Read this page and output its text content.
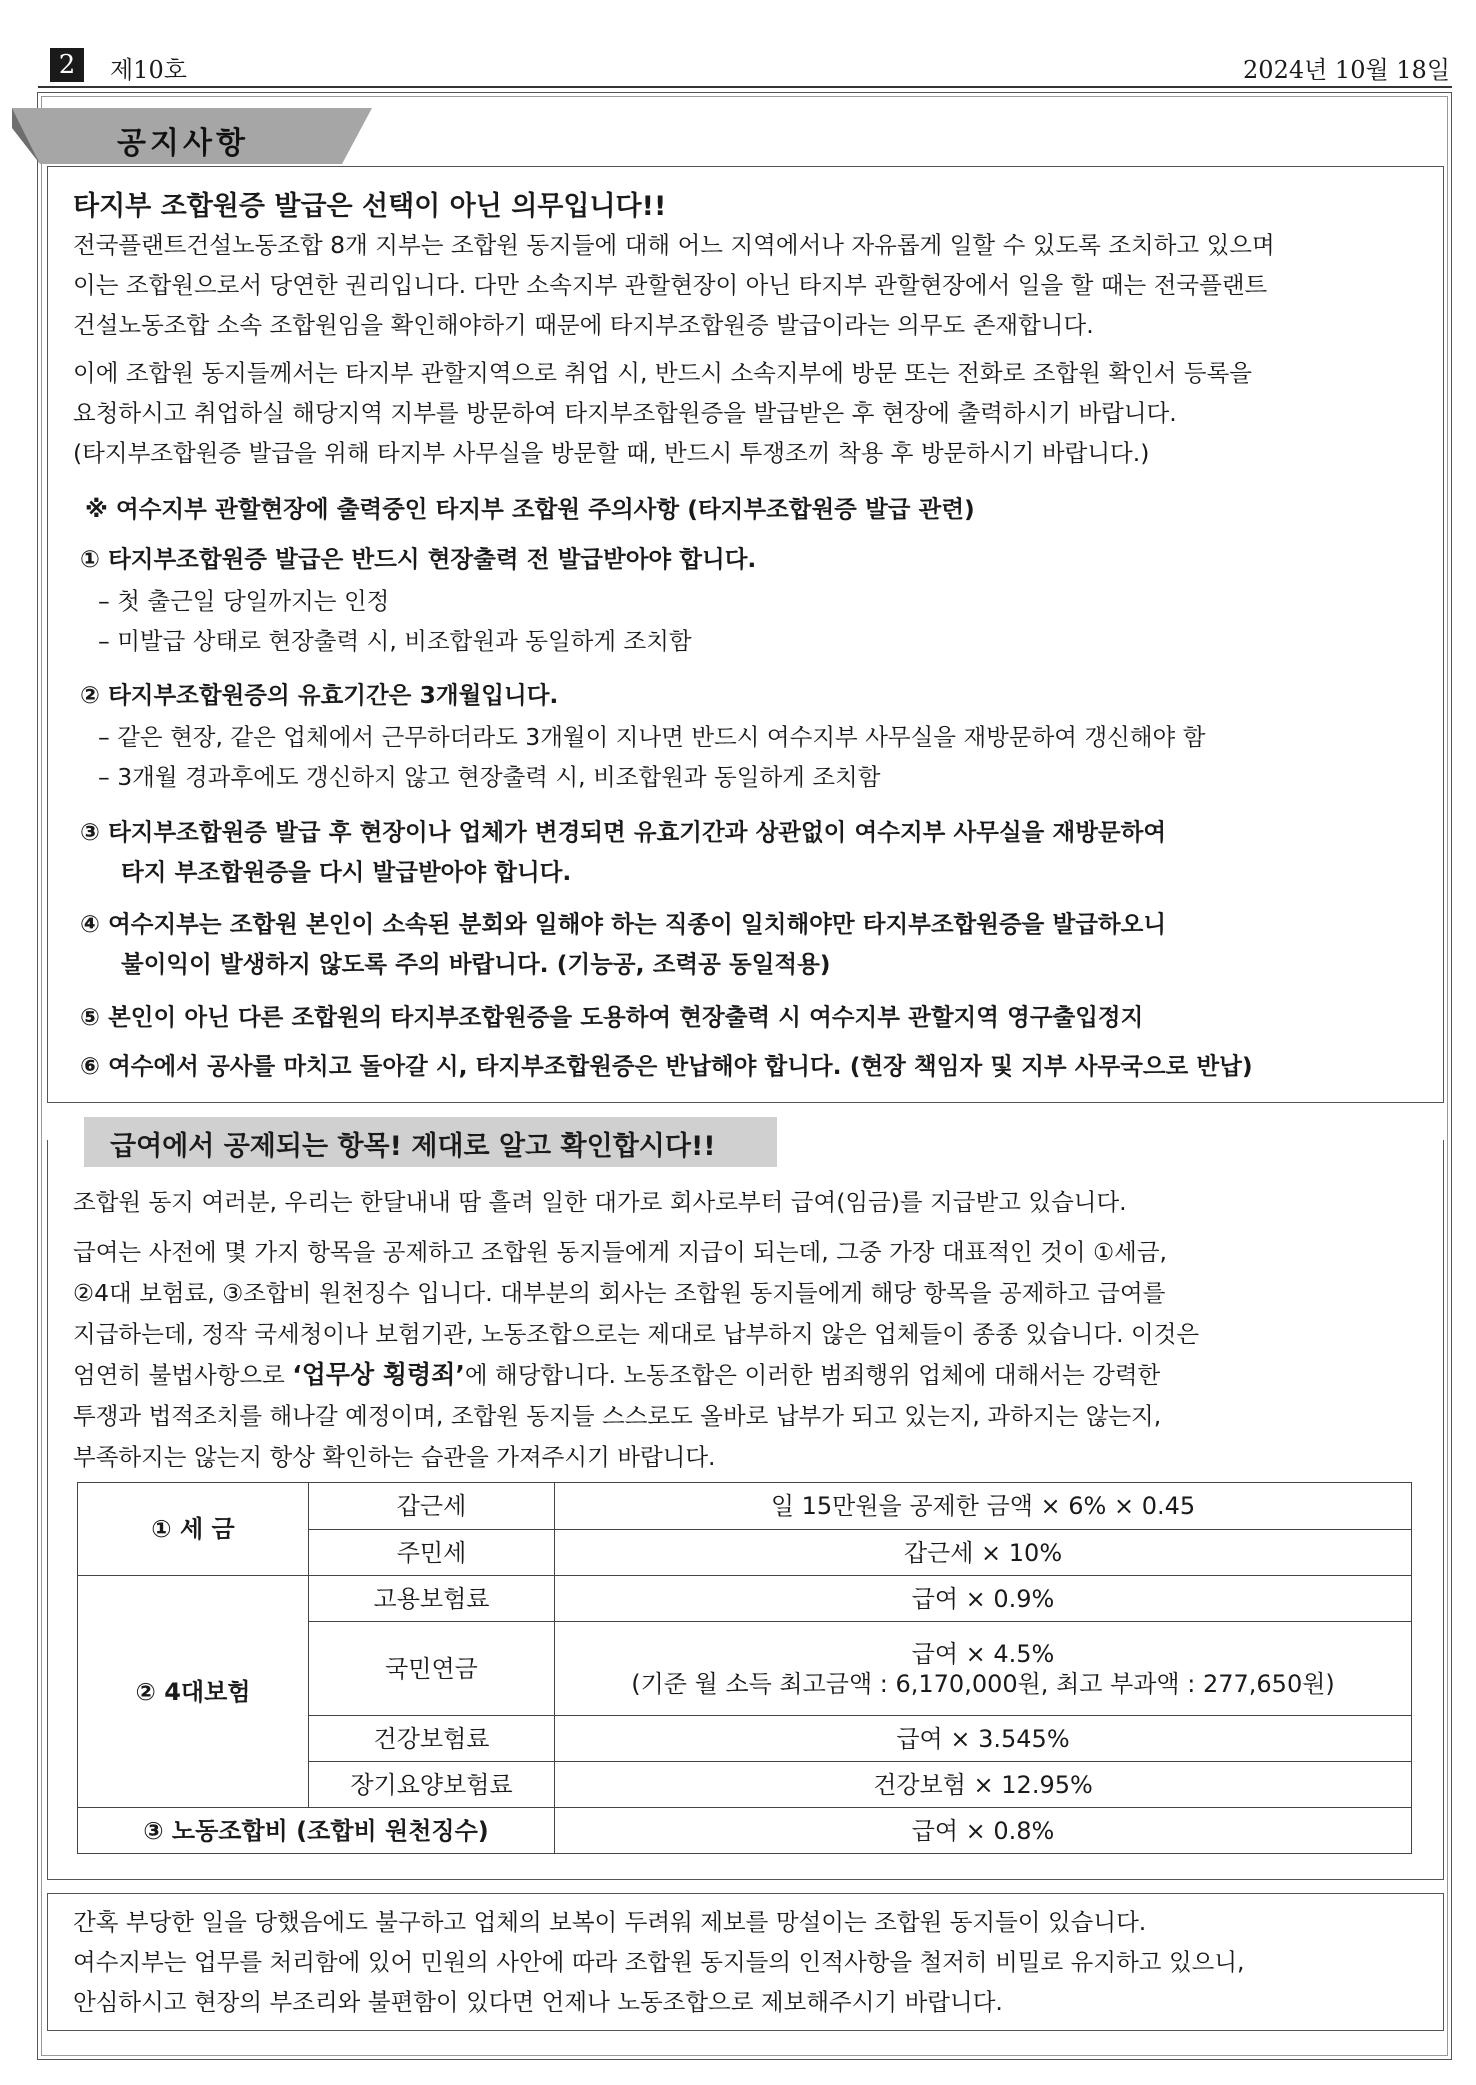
2	제10호	2024년 10월 18일
타지부 조합원증 발급은 선택이 아닌 의무입니다!!
전국플랜트건설노동조합 8개 지부는 조합원 동지들에 대해 어느 지역에서나 자유롭게 일할 수 있도록 조치하고 있으며
이는 조합원으로서 당연한 권리입니다. 다만 소속지부 관할현장이 아닌 타지부 관할현장에서 일을 할 때는 전국플랜트
건설노동조합 소속 조합원임을 확인해야하기 때문에 타지부조합원증 발급이라는 의무도 존재합니다.
이에 조합원 동지들께서는 타지부 관할지역으로 취업 시, 반드시 소속지부에 방문 또는 전화로 조합원 확인서 등록을
요청하시고 취업하실 해당지역 지부를 방문하여 타지부조합원증을 발급받은 후 현장에 출력하시기 바랍니다.
(타지부조합원증 발급을 위해 타지부 사무실을 방문할 때, 반드시 투쟁조끼 착용 후 방문하시기 바랍니다.)
※ 여수지부 관할현장에 출력중인 타지부 조합원 주의사항 (타지부조합원증 발급 관련)
① 타지부조합원증 발급은 반드시 현장출력 전 발급받아야 합니다.
– 첫 출근일 당일까지는 인정
– 미발급 상태로 현장출력 시, 비조합원과 동일하게 조치함
② 타지부조합원증의 유효기간은 3개월입니다.
– 같은 현장, 같은 업체에서 근무하더라도 3개월이 지나면 반드시 여수지부 사무실을 재방문하여 갱신해야 함
– 3개월 경과후에도 갱신하지 않고 현장출력 시, 비조합원과 동일하게 조치함
③ 타지부조합원증 발급 후 현장이나 업체가 변경되면 유효기간과 상관없이 여수지부 사무실을 재방문하여
타지 부조합원증을 다시 발급받아야 합니다.
④ 여수지부는 조합원 본인이 소속된 분회와 일해야 하는 직종이 일치해야만 타지부조합원증을 발급하오니
불이익이 발생하지 않도록 주의 바랍니다. (기능공, 조력공 동일적용)
⑤ 본인이 아닌 다른 조합원의 타지부조합원증을 도용하여 현장출력 시 여수지부 관할지역 영구출입정지
⑥ 여수에서 공사를 마치고 돌아갈 시, 타지부조합원증은 반납해야 합니다. (현장 책임자 및 지부 사무국으로 반납)
공지사항
조합원 동지 여러분, 우리는 한달내내 땀 흘려 일한 대가로 회사로부터 급여(임금)를 지급받고 있습니다.
급여는 사전에 몇 가지 항목을 공제하고 조합원 동지들에게 지급이 되는데, 그중 가장 대표적인 것이 ①세금,
②4대 보험료, ③조합비 원천징수 입니다. 대부분의 회사는 조합원 동지들에게 해당 항목을 공제하고 급여를
지급하는데, 정작 국세청이나 보험기관, 노동조합으로는 제대로 납부하지 않은 업체들이 종종 있습니다. 이것은
엄연히 불법사항으로 ‘업무상 횡령죄’에 해당합니다. 노동조합은 이러한 범죄행위 업체에 대해서는 강력한
투쟁과 법적조치를 해나갈 예정이며, 조합원 동지들 스스로도 올바로 납부가 되고 있는지, 과하지는 않는지,
부족하지는 않는지 항상 확인하는 습관을 가져주시기 바랍니다.
① 세 금	갑근세	일 15만원을 공제한 금액 × 6% × 0.45
	주민세	갑근세 × 10%
② 4대보험	고용보험료	급여 × 0.9%
	국민연금	급여 × 4.5%
(기준 월 소득 최고금액 : 6,170,000원, 최고 부과액 : 277,650원)

	건강보험료	급여 × 3.545%
	장기요양보험료	건강보험 × 12.95%
③ 노동조합비 (조합비 원천징수)		급여 × 0.8%
급여에서 공제되는 항목! 제대로 알고 확인합시다!!
간혹 부당한 일을 당했음에도 불구하고 업체의 보복이 두려워 제보를 망설이는 조합원 동지들이 있습니다.
여수지부는 업무를 처리함에 있어 민원의 사안에 따라 조합원 동지들의 인적사항을 철저히 비밀로 유지하고 있으니,
안심하시고 현장의 부조리와 불편함이 있다면 언제나 노동조합으로 제보해주시기 바랍니다.
